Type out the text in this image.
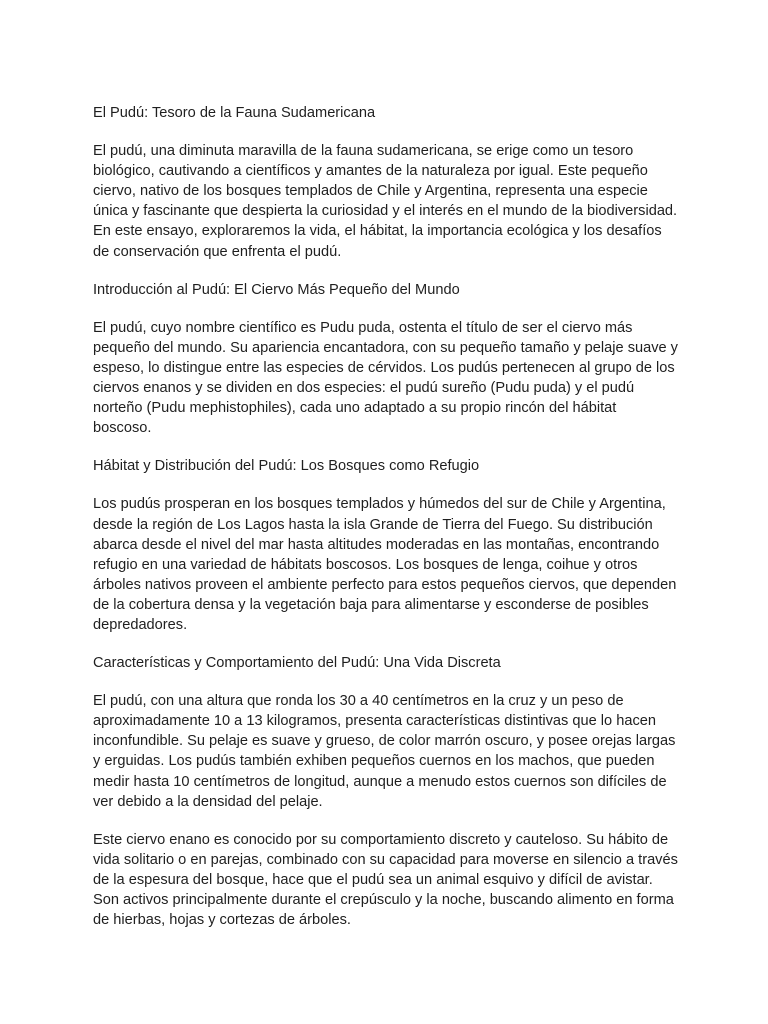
El Pudú: Tesoro de la Fauna Sudamericana

El pudú, una diminuta maravilla de la fauna sudamericana, se erige como un tesoro biológico, cautivando a científicos y amantes de la naturaleza por igual. Este pequeño ciervo, nativo de los bosques templados de Chile y Argentina, representa una especie única y fascinante que despierta la curiosidad y el interés en el mundo de la biodiversidad. En este ensayo, exploraremos la vida, el hábitat, la importancia ecológica y los desafíos de conservación que enfrenta el pudú.

Introducción al Pudú: El Ciervo Más Pequeño del Mundo

El pudú, cuyo nombre científico es Pudu puda, ostenta el título de ser el ciervo más pequeño del mundo. Su apariencia encantadora, con su pequeño tamaño y pelaje suave y espeso, lo distingue entre las especies de cérvidos. Los pudús pertenecen al grupo de los ciervos enanos y se dividen en dos especies: el pudú sureño (Pudu puda) y el pudú norteño (Pudu mephistophiles), cada uno adaptado a su propio rincón del hábitat boscoso.

Hábitat y Distribución del Pudú: Los Bosques como Refugio

Los pudús prosperan en los bosques templados y húmedos del sur de Chile y Argentina, desde la región de Los Lagos hasta la isla Grande de Tierra del Fuego. Su distribución abarca desde el nivel del mar hasta altitudes moderadas en las montañas, encontrando refugio en una variedad de hábitats boscosos. Los bosques de lenga, coihue y otros árboles nativos proveen el ambiente perfecto para estos pequeños ciervos, que dependen de la cobertura densa y la vegetación baja para alimentarse y esconderse de posibles depredadores.

Características y Comportamiento del Pudú: Una Vida Discreta

El pudú, con una altura que ronda los 30 a 40 centímetros en la cruz y un peso de aproximadamente 10 a 13 kilogramos, presenta características distintivas que lo hacen inconfundible. Su pelaje es suave y grueso, de color marrón oscuro, y posee orejas largas y erguidas. Los pudús también exhiben pequeños cuernos en los machos, que pueden medir hasta 10 centímetros de longitud, aunque a menudo estos cuernos son difíciles de ver debido a la densidad del pelaje.

Este ciervo enano es conocido por su comportamiento discreto y cauteloso. Su hábito de vida solitario o en parejas, combinado con su capacidad para moverse en silencio a través de la espesura del bosque, hace que el pudú sea un animal esquivo y difícil de avistar. Son activos principalmente durante el crepúsculo y la noche, buscando alimento en forma de hierbas, hojas y cortezas de árboles.
